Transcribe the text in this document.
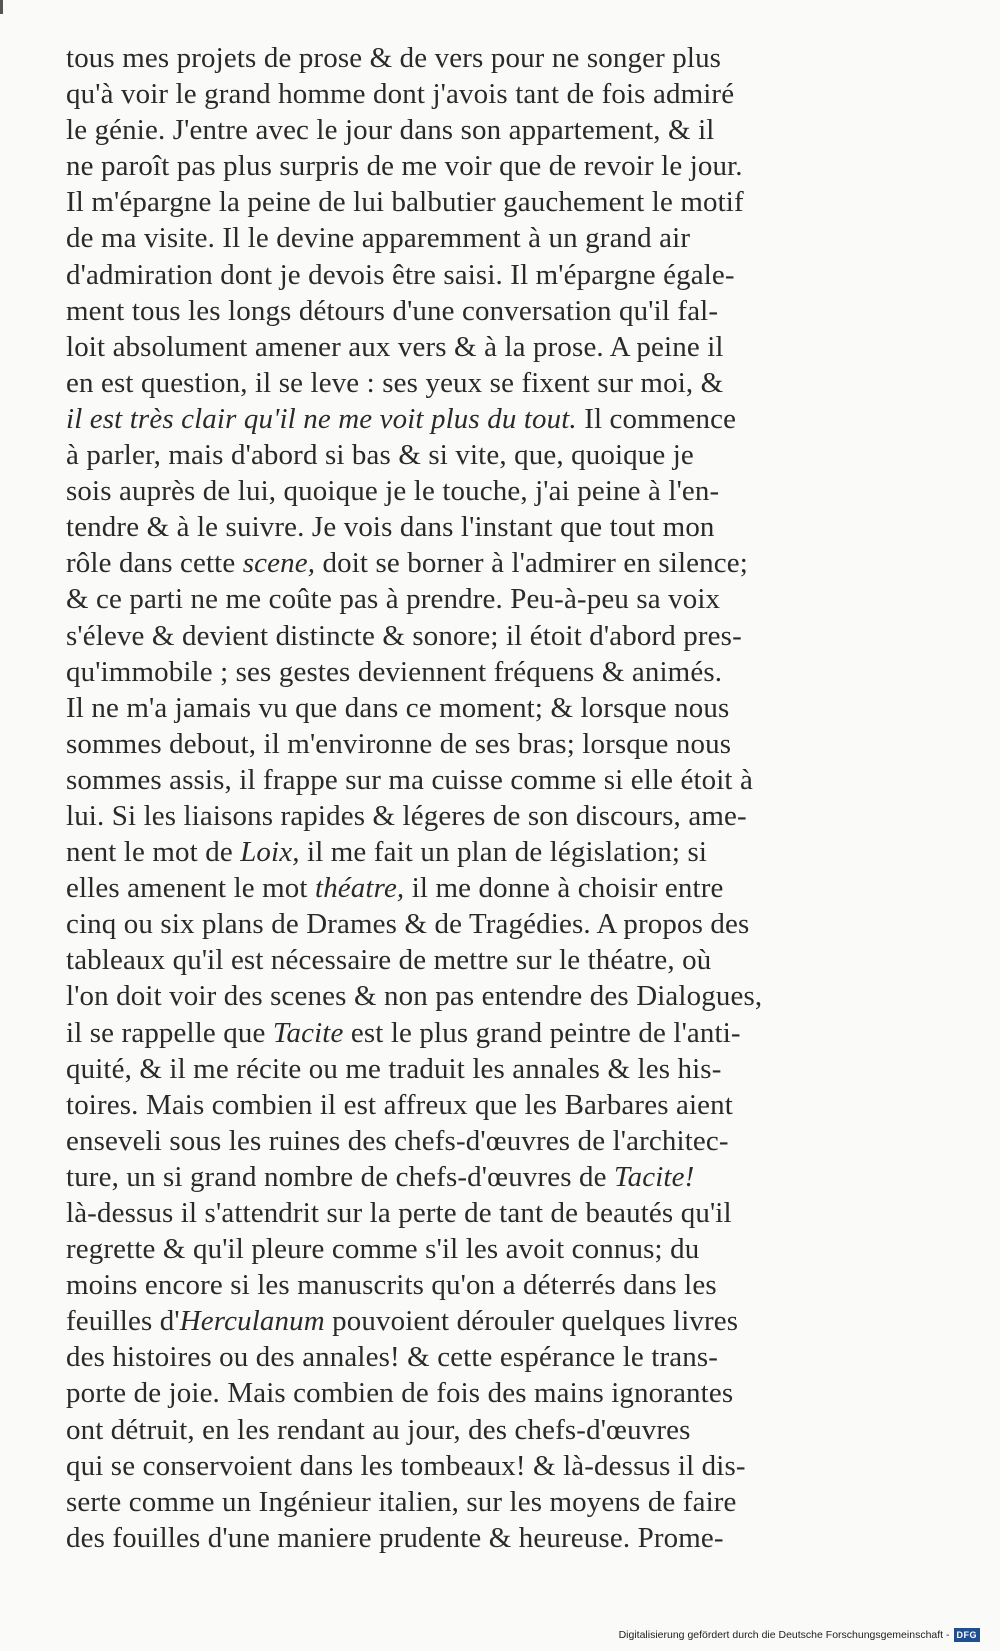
tous mes projets de prose & de vers pour ne songer plus
qu'à voir le grand homme dont j'avois tant de fois admiré
le génie. J'entre avec le jour dans son appartement, & il
ne paroît pas plus surpris de me voir que de revoir le jour.
Il m'épargne la peine de lui balbutier gauchement le motif
de ma visite. Il le devine apparemment à un grand air
d'admiration dont je devois être saisi. Il m'épargne égale-
ment tous les longs détours d'une conversation qu'il fal-
loit absolument amener aux vers & à la prose. A peine il
en est question, il se leve : ses yeux se fixent sur moi, &
il est très clair qu'il ne me voit plus du tout. Il commence
à parler, mais d'abord si bas & si vite, que, quoique je
sois auprès de lui, quoique je le touche, j'ai peine à l'en-
tendre & à le suivre. Je vois dans l'instant que tout mon
rôle dans cette scene, doit se borner à l'admirer en silence;
& ce parti ne me coûte pas à prendre. Peu-à-peu sa voix
s'éleve & devient distincte & sonore; il étoit d'abord pres-
qu'immobile ; ses gestes deviennent fréquens & animés.
Il ne m'a jamais vu que dans ce moment; & lorsque nous
sommes debout, il m'environne de ses bras; lorsque nous
sommes assis, il frappe sur ma cuisse comme si elle étoit à
lui. Si les liaisons rapides & légeres de son discours, ame-
nent le mot de Loix, il me fait un plan de législation; si
elles amenent le mot théatre, il me donne à choisir entre
cinq ou six plans de Drames & de Tragédies. A propos des
tableaux qu'il est nécessaire de mettre sur le théatre, où
l'on doit voir des scenes & non pas entendre des Dialogues,
il se rappelle que Tacite est le plus grand peintre de l'anti-
quité, & il me récite ou me traduit les annales & les his-
toires. Mais combien il est affreux que les Barbares aient
enseveli sous les ruines des chefs-d'œuvres de l'architec-
ture, un si grand nombre de chefs-d'œuvres de Tacite!
là-dessus il s'attendrit sur la perte de tant de beautés qu'il
regrette & qu'il pleure comme s'il les avoit connus; du
moins encore si les manuscrits qu'on a déterrés dans les
feuilles d'Herculanum pouvoient dérouler quelques livres
des histoires ou des annales! & cette espérance le trans-
porte de joie. Mais combien de fois des mains ignorantes
ont détruit, en les rendant au jour, des chefs-d'œuvres
qui se conservoient dans les tombeaux! & là-dessus il dis-
serte comme un Ingénieur italien, sur les moyens de faire
des fouilles d'une maniere prudente & heureuse. Prome-
Digitalisierung gefördert durch die Deutsche Forschungsgemeinschaft - DFG
